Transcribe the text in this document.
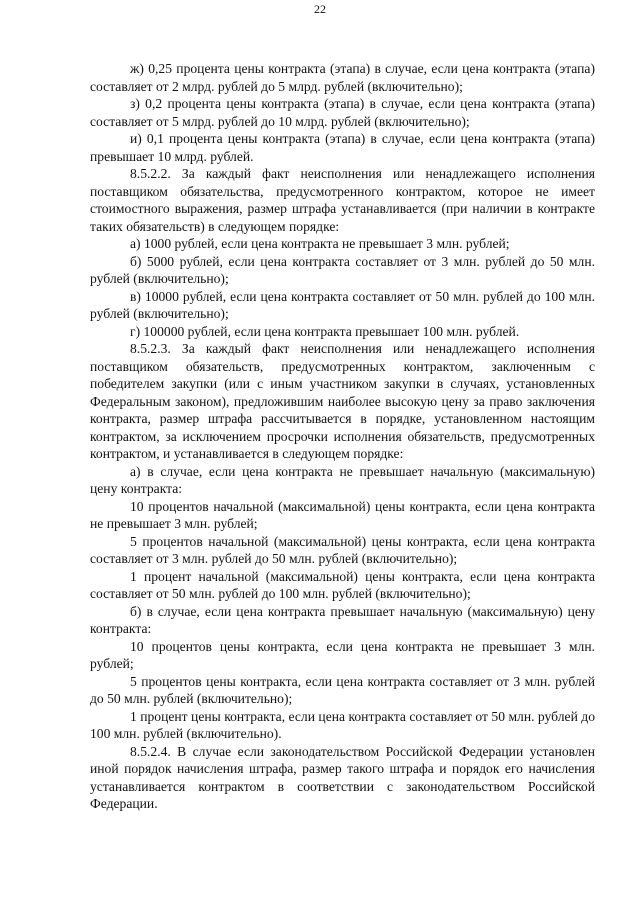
22

ж) 0,25 процента цены контракта (этапа) в случае, если цена контракта (этапа) составляет от 2 млрд. рублей до 5 млрд. рублей (включительно);

з) 0,2 процента цены контракта (этапа) в случае, если цена контракта (этапа) составляет от 5 млрд. рублей до 10 млрд. рублей (включительно);

и) 0,1 процента цены контракта (этапа) в случае, если цена контракта (этапа) превышает 10 млрд. рублей.

8.5.2.2. За каждый факт неисполнения или ненадлежащего исполнения поставщиком обязательства, предусмотренного контрактом, которое не имеет стоимостного выражения, размер штрафа устанавливается (при наличии в контракте таких обязательств) в следующем порядке:

а) 1000 рублей, если цена контракта не превышает 3 млн. рублей;

б) 5000 рублей, если цена контракта составляет от 3 млн. рублей до 50 млн. рублей (включительно);

в) 10000 рублей, если цена контракта составляет от 50 млн. рублей до 100 млн. рублей (включительно);

г) 100000 рублей, если цена контракта превышает 100 млн. рублей.

8.5.2.3. За каждый факт неисполнения или ненадлежащего исполнения поставщиком обязательств, предусмотренных контрактом, заключенным с победителем закупки (или с иным участником закупки в случаях, установленных Федеральным законом), предложившим наиболее высокую цену за право заключения контракта, размер штрафа рассчитывается в порядке, установленном настоящим контрактом, за исключением просрочки исполнения обязательств, предусмотренных контрактом, и устанавливается в следующем порядке:

а) в случае, если цена контракта не превышает начальную (максимальную) цену контракта:

10 процентов начальной (максимальной) цены контракта, если цена контракта не превышает 3 млн. рублей;

5 процентов начальной (максимальной) цены контракта, если цена контракта составляет от 3 млн. рублей до 50 млн. рублей (включительно);

1 процент начальной (максимальной) цены контракта, если цена контракта составляет от 50 млн. рублей до 100 млн. рублей (включительно);

б) в случае, если цена контракта превышает начальную (максимальную) цену контракта:

10 процентов цены контракта, если цена контракта не превышает 3 млн. рублей;

5 процентов цены контракта, если цена контракта составляет от 3 млн. рублей до 50 млн. рублей (включительно);

1 процент цены контракта, если цена контракта составляет от 50 млн. рублей до 100 млн. рублей (включительно).

8.5.2.4. В случае если законодательством Российской Федерации установлен иной порядок начисления штрафа, размер такого штрафа и порядок его начисления устанавливается контрактом в соответствии с законодательством Российской Федерации.
